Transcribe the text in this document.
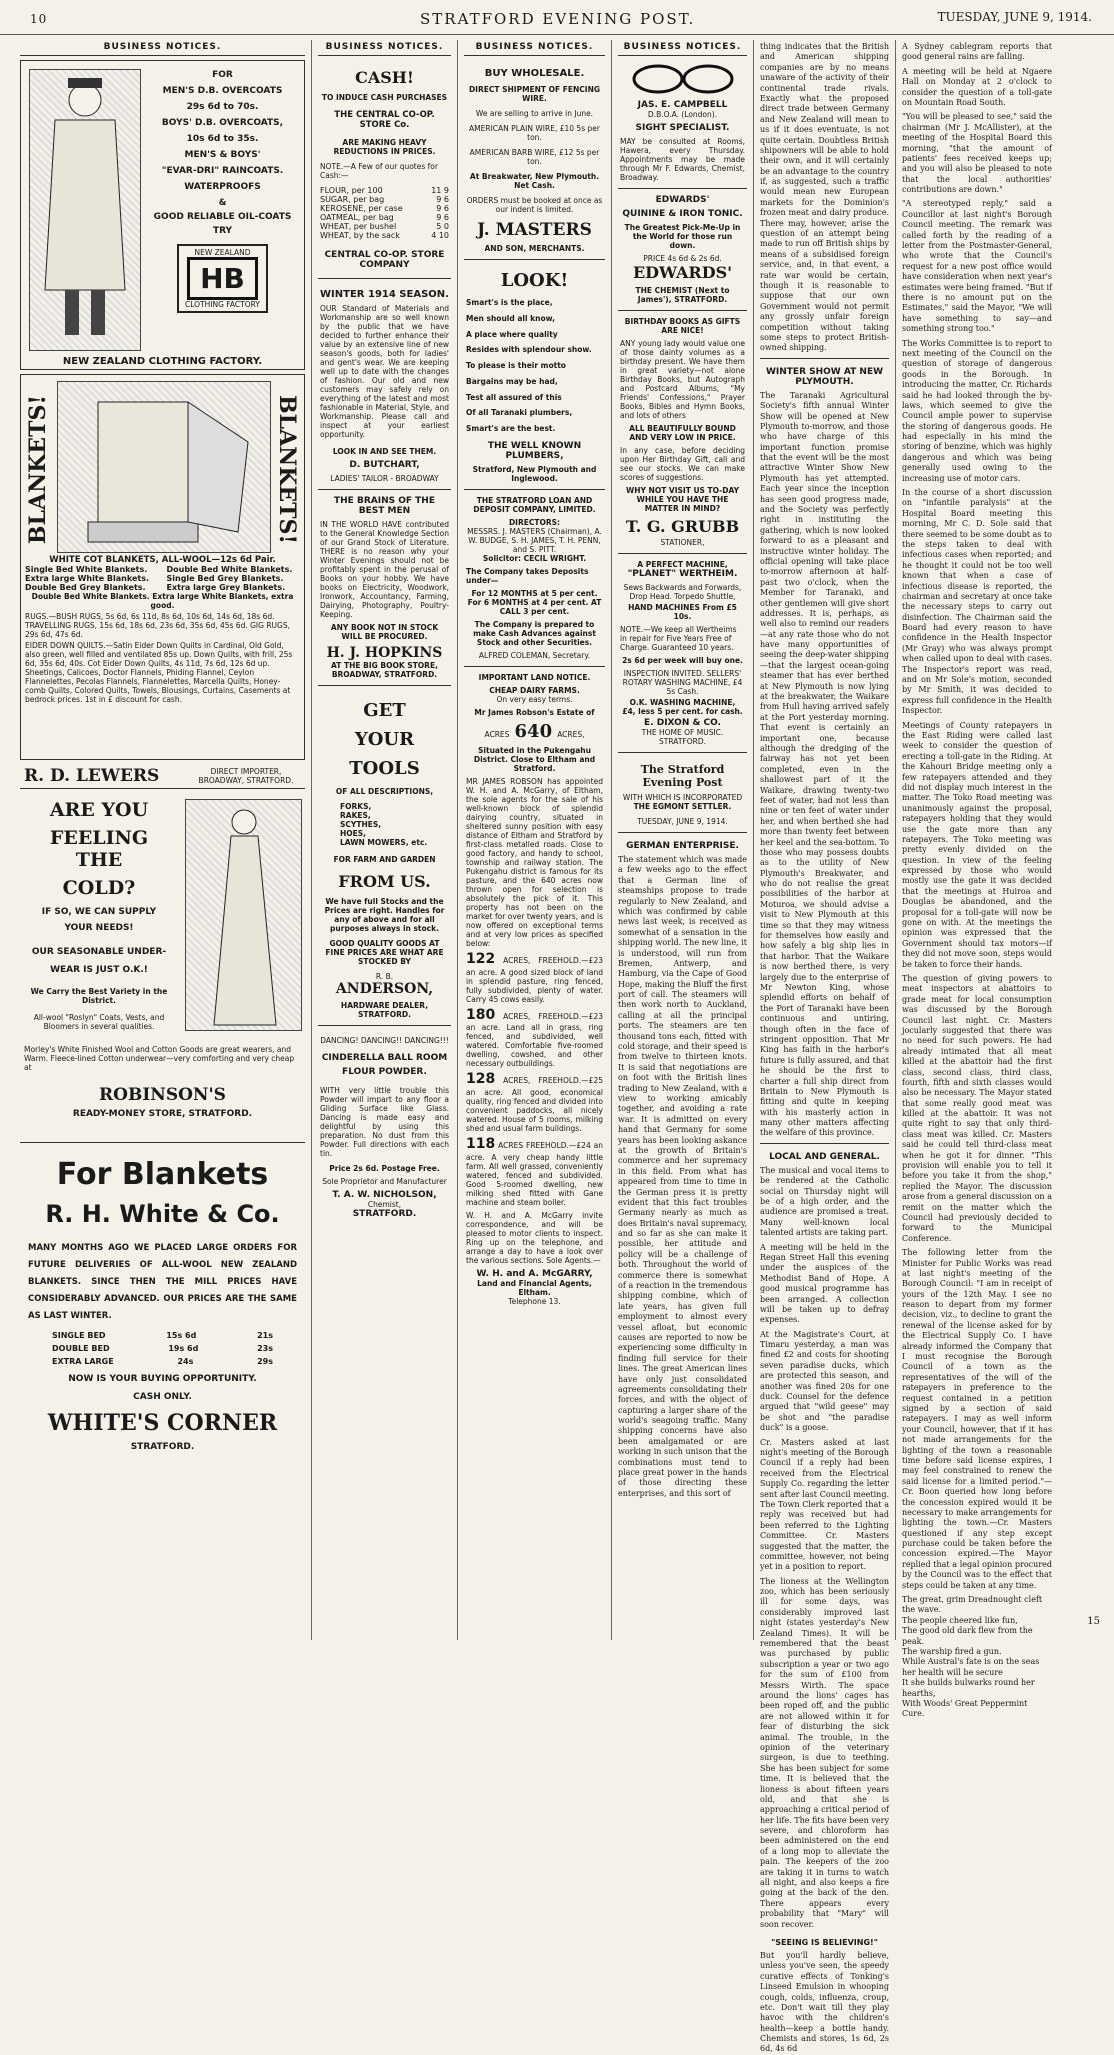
10	STRATFORD EVENING POST.	TUESDAY, JUNE 9, 1914.
BUSINESS NOTICES.
FOR
MEN'S D.B. OVERCOATS
29s 6d to 70s.
BOYS' D.B. OVERCOATS,
10s 6d to 35s.
MEN'S & BOYS'
"EVAR-DRI" RAINCOATS.
WATERPROOFS
&
GOOD RELIABLE OIL-COATS
TRY
NEW ZEALAND
HB
CLOTHING FACTORY
NEW ZEALAND CLOTHING FACTORY.
BLANKETS!	BLANKETS!
WHITE COT BLANKETS, ALL-WOOL—12s 6d Pair.
Single Bed White Blankets.	Double Bed White Blankets.
Extra large White Blankets.	Single Bed Grey Blankets.
Double Bed Grey Blankets.	Extra large Grey Blankets.
Double Bed White Blankets. Extra large White Blankets, extra good.
RUGS.—BUSH RUGS, 5s 6d, 6s 11d, 8s 6d, 10s 6d, 14s 6d, 18s 6d. TRAVELLING RUGS, 15s 6d, 18s 6d, 23s 6d, 35s 6d, 45s 6d. GIG RUGS, 29s 6d, 47s 6d.
EIDER DOWN QUILTS.—Satin Eider Down Quilts in Cardinal, Old Gold, also green, well filled and ventilated 85s up. Down Quilts, with frill, 25s 6d, 35s 6d, 40s. Cot Eider Down Quilts, 4s 11d, 7s 6d, 12s 6d up. Sheetings, Calicoes, Doctor Flannels, Phiding Flannel, Ceylon Flannelettes, Pecolas Flannels, Flannelettes, Marcella Quilts, Honey-comb Quilts, Colored Quilts, Towels, Blousings, Curtains, Casements at bedrock prices. 1st in £ discount for cash.
R. D. LEWERS	DIRECT IMPORTER, BROADWAY, STRATFORD.
ARE YOU
FEELING THE
COLD?
IF SO, WE CAN SUPPLY
YOUR NEEDS!
OUR SEASONABLE UNDER-
WEAR IS JUST O.K.!
We Carry the Best Variety in the District.
All-wool "Roslyn" Coats, Vests, and Bloomers in several qualities.
Morley's White Finished Wool and Cotton Goods are great wearers, and Warm. Fleece-lined Cotton underwear—very comforting and very cheap at
ROBINSON'S
READY-MONEY STORE, STRATFORD.
For Blankets
R. H. White & Co.
MANY MONTHS AGO WE PLACED LARGE ORDERS FOR FUTURE DELIVERIES OF ALL-WOOL NEW ZEALAND BLANKETS. SINCE THEN THE MILL PRICES HAVE CONSIDERABLY ADVANCED. OUR PRICES ARE THE SAME AS LAST WINTER.
SINGLE BED	15s 6d	21s
DOUBLE BED	19s 6d	23s
EXTRA LARGE	24s	29s
NOW IS YOUR BUYING OPPORTUNITY.
CASH ONLY.
WHITE'S CORNER
STRATFORD.
BUSINESS NOTICES.
CASH!
TO INDUCE CASH PURCHASES
THE CENTRAL CO-OP. STORE Co.
ARE MAKING HEAVY REDUCTIONS IN PRICES.
NOTE.—A Few of our quotes for Cash:—
FLOUR, per 100	11 9
SUGAR, per bag	9 6
KEROSENE, per case	9 6
OATMEAL, per bag	9 6
WHEAT, per bushel	5 0
WHEAT, by the sack	4 10
CENTRAL CO-OP. STORE COMPANY
WINTER 1914 SEASON.
OUR Standard of Materials and Workmanship are so well known by the public that we have decided to further enhance their value by an extensive line of new season's goods, both for ladies' and gent's wear. We are keeping well up to date with the changes of fashion. Our old and new customers may safely rely on everything of the latest and most fashionable in Material, Style, and Workmanship. Please call and inspect at your earliest opportunity.
LOOK IN AND SEE THEM.
D. BUTCHART,
LADIES' TAILOR - BROADWAY
THE BRAINS OF THE BEST MEN
IN THE WORLD HAVE contributed to the General Knowledge Section of our Grand Stock of Literature. THERE is no reason why your Winter Evenings should not be profitably spent in the perusal of Books on your hobby. We have books on Electricity, Woodwork, Ironwork, Accountancy, Farming, Dairying, Photography, Poultry-Keeping.
ANY BOOK NOT IN STOCK WILL BE PROCURED.
H. J. HOPKINS
AT THE BIG BOOK STORE, BROADWAY, STRATFORD.
GET
YOUR
TOOLS
OF ALL DESCRIPTIONS,
FORKS,
RAKES,
SCYTHES,
HOES,
LAWN MOWERS, etc.
FOR FARM AND GARDEN
FROM US.
We have full Stocks and the Prices are right. Handles for any of above and for all purposes always in stock.
GOOD QUALITY GOODS AT FINE PRICES ARE WHAT ARE STOCKED BY
R. B.
ANDERSON,
HARDWARE DEALER, STRATFORD.
DANCING! DANCING!! DANCING!!!
CINDERELLA BALL ROOM FLOUR POWDER.
WITH very little trouble this Powder will impart to any floor a Gliding Surface like Glass. Dancing is made easy and delightful by using this preparation. No dust from this Powder. Full directions with each tin.
Price 2s 6d. Postage Free.
Sole Proprietor and Manufacturer
T. A. W. NICHOLSON,
Chemist,
STRATFORD.
BUSINESS NOTICES.
BUY WHOLESALE.
DIRECT SHIPMENT OF FENCING WIRE.
We are selling to arrive in June.
AMERICAN PLAIN WIRE, £10 5s per ton.
AMERICAN BARB WIRE, £12 5s per ton.
At Breakwater, New Plymouth. Net Cash.
ORDERS must be booked at once as our indent is limited.
J. MASTERS
AND SON, MERCHANTS.
LOOK!
Smart's is the place,
Men should all know,
A place where quality
Resides with splendour show.
To please is their motto
Bargains may be had,
Test all assured of this
Of all Taranaki plumbers,
Smart's are the best.
THE WELL KNOWN PLUMBERS,
Stratford, New Plymouth and Inglewood.
THE STRATFORD LOAN AND DEPOSIT COMPANY, LIMITED.
DIRECTORS:
MESSRS. J. MASTERS (Chairman), A. W. BUDGE, S. H. JAMES, T. H. PENN, and S. PITT.
Solicitor: CECIL WRIGHT.
The Company takes Deposits under—
For 12 MONTHS at 5 per cent. For 6 MONTHS at 4 per cent. AT CALL 3 per cent.
The Company is prepared to make Cash Advances against Stock and other Securities.
ALFRED COLEMAN, Secretary.
IMPORTANT LAND NOTICE.
CHEAP DAIRY FARMS.
On very easy terms.
Mr James Robson's Estate of
ACRES 640 ACRES,
Situated in the Pukengahu District. Close to Eltham and Stratford.
MR JAMES ROBSON has appointed W. H. and A. McGarry, of Eltham, the sole agents for the sale of his well-known block of splendid dairying country, situated in sheltered sunny position with easy distance of Eltham and Stratford by first-class metalled roads. Close to good factory, and handy to school, township and railway station. The Pukengahu district is famous for its pasture, and the 640 acres now thrown open for selection is absolutely the pick of it. This property has not been on the market for over twenty years, and is now offered on exceptional terms and at very low prices as specified below:
122 ACRES, FREEHOLD.—£23 an acre. A good sized block of land in splendid pasture, ring fenced, fully subdivided, plenty of water. Carry 45 cows easily.
180 ACRES, FREEHOLD.—£23 an acre. Land all in grass, ring fenced, and subdivided, well watered. Comfortable five-roomed dwelling, cowshed, and other necessary outbuildings.
128 ACRES, FREEHOLD.—£25 an acre. All good, economical quality, ring fenced and divided into convenient paddocks, all nicely watered. House of 5 rooms, milking shed and usual farm buildings.
118 ACRES FREEHOLD.—£24 an acre. A very cheap handy little farm. All well grassed, conveniently watered, fenced and subdivided. Good 5-roomed dwelling, new milking shed fitted with Gane machine and steam boiler.
W. H. and A. McGarry invite correspondence, and will be pleased to motor clients to inspect. Ring up on the telephone, and arrange a day to have a look over the various sections. Sole Agents.—
W. H. and A. McGARRY,
Land and Financial Agents, Eltham.
Telephone 13.
BUSINESS NOTICES.
JAS. E. CAMPBELL
D.B.O.A. (London).
SIGHT SPECIALIST.
MAY be consulted at Rooms, Hawera, every Thursday. Appointments may be made through Mr F. Edwards, Chemist, Broadway.
EDWARDS'
QUININE & IRON TONIC.
The Greatest Pick-Me-Up in the World for those run down.
PRICE 4s 6d & 2s 6d.
EDWARDS'
THE CHEMIST (Next to James'), STRATFORD.
BIRTHDAY BOOKS AS GIFTS ARE NICE!
ANY young lady would value one of those dainty volumes as a birthday present. We have them in great variety—not alone Birthday Books, but Autograph and Postcard Albums, "My Friends' Confessions," Prayer Books, Bibles and Hymn Books, and lots of others
ALL BEAUTIFULLY BOUND AND VERY LOW IN PRICE.
In any case, before deciding upon Her Birthday Gift, call and see our stocks. We can make scores of suggestions.
WHY NOT VISIT US TO-DAY WHILE YOU HAVE THE MATTER IN MIND?
T. G. GRUBB
STATIONER,
A PERFECT MACHINE,
"PLANET" WERTHEIM.
Sews Backwards and Forwards, Drop Head. Torpedo Shuttle,
HAND MACHINES From £5 10s.
NOTE.—We keep all Wertheims in repair for Five Years Free of Charge. Guaranteed 10 years.
2s 6d per week will buy one.
INSPECTION INVITED. SELLERS' ROTARY WASHING MACHINE, £4 5s Cash.
O.K. WASHING MACHINE,
£4, less 5 per cent. for cash.
E. DIXON & CO.
THE HOME OF MUSIC. STRATFORD.
The Stratford Evening Post
WITH WHICH IS INCORPORATED
THE EGMONT SETTLER.
TUESDAY, JUNE 9, 1914.
GERMAN ENTERPRISE.
The statement which was made a few weeks ago to the effect that a German line of steamships propose to trade regularly to New Zealand, and which was confirmed by cable news last week, is received as somewhat of a sensation in the shipping world. The new line, it is understood, will run from Bremen, Antwerp, and Hamburg, via the Cape of Good Hope, making the Bluff the first port of call. The steamers will then work north to Auckland, calling at all the principal ports. The steamers are ten thousand tons each, fitted with cold storage, and their speed is from twelve to thirteen knots. It is said that negotiations are on foot with the British lines trading to New Zealand, with a view to working amicably together, and avoiding a rate war. It is admitted on every hand that Germany for some years has been looking askance at the growth of Britain's commerce and her supremacy in this field. From what has appeared from time to time in the German press it is pretty evident that this fact troubles Germany nearly as much as does Britain's naval supremacy, and so far as she can make it possible, her attitude and policy will be a challenge of both. Throughout the world of commerce there is somewhat of a reaction in the tremendous shipping combine, which of late years, has given full employment to almost every vessel afloat, but economic causes are reported to now be experiencing some difficulty in finding full service for their lines. The great American lines have only just consolidated agreements consolidating their forces, and with the object of capturing a larger share of the world's seagoing traffic. Many shipping concerns have also been amalgamated or are working in such unison that the combinations must tend to place great power in the hands of those directing these enterprises, and this sort of
thing indicates that the British and American shipping companies are by no means unaware of the activity of their continental trade rivals. Exactly what the proposed direct trade between Germany and New Zealand will mean to us if it does eventuate, is not quite certain. Doubtless British shipowners will be able to hold their own, and it will certainly be an advantage to the country if, as suggested, such a traffic would mean new European markets for the Dominion's frozen meat and dairy produce. There may, however, arise the question of an attempt being made to run off British ships by means of a subsidised foreign service, and, in that event, a rate war would be certain, though it is reasonable to suppose that our own Government would not permit any grossly unfair foreign competition without taking some steps to protect British-owned shipping.
WINTER SHOW AT NEW PLYMOUTH.
The Taranaki Agricultural Society's fifth annual Winter Show will be opened at New Plymouth to-morrow, and those who have charge of this important function promise that the event will be the most attractive Winter Show New Plymouth has yet attempted. Each year since the inception has seen good progress made, and the Society was perfectly right in instituting the gathering, which is now looked forward to as a pleasant and instructive winter holiday. The official opening will take place to-morrow afternoon at half-past two o'clock, when the Member for Taranaki, and other gentlemen will give short addresses. It is, perhaps, as well also to remind our readers—at any rate those who do not have many opportunities of seeing the deep-water shipping—that the largest ocean-going steamer that has ever berthed at New Plymouth is now lying at the breakwater, the Waikare from Hull having arrived safely at the Port yesterday morning. That event is certainly an important one, because although the dredging of the fairway has not yet been completed, even in the shallowest part of it the Waikare, drawing twenty-two feet of water, had not less than nine or ten feet of water under her, and when berthed she had more than twenty feet between her keel and the sea-bottom. To those who may possess doubts as to the utility of New Plymouth's Breakwater, and who do not realise the great possibilities of the harbor at Moturoa, we should advise a visit to New Plymouth at this time so that they may witness for themselves how easily and how safely a big ship lies in that harbor. That the Waikare is now berthed there, is very largely due to the enterprise of Mr Newton King, whose splendid efforts on behalf of the Port of Taranaki have been continuous and untiring, though often in the face of stringent opposition. That Mr King has faith in the harbor's future is fully assured, and that he should be the first to charter a full ship direct from Britain to New Plymouth is fitting and quite in keeping with his masterly action in many other matters affecting the welfare of this province.
LOCAL AND GENERAL.
The musical and vocal items to be rendered at the Catholic social on Thursday night will be of a high order, and the audience are promised a treat. Many well-known local talented artists are taking part.
A meeting will be held in the Regan Street Hall this evening under the auspices of the Methodist Band of Hope. A good musical programme has been arranged. A collection will be taken up to defray expenses.
At the Magistrate's Court, at Timaru yesterday, a man was fined £2 and costs for shooting seven paradise ducks, which are protected this season, and another was fined 20s for one duck. Counsel for the defence argued that "wild geese" may be shot and "the paradise duck" is a goose.
Cr. Masters asked at last night's meeting of the Borough Council if a reply had been received from the Electrical Supply Co. regarding the letter sent after last Council meeting. The Town Clerk reported that a reply was received but had been referred to the Lighting Committee. Cr. Masters suggested that the matter, the committee, however, not being yet in a position to report.
The lioness at the Wellington zoo, which has been seriously ill for some days, was considerably improved last night (states yesterday's New Zealand Times). It will be remembered that the beast was purchased by public subscription a year or two ago for the sum of £100 from Messrs Wirth. The space around the lions' cages has been roped off, and the public are not allowed within it for fear of disturbing the sick animal. The trouble, in the opinion of the veterinary surgeon, is due to teething. She has been subject for some time. It is believed that the lioness is about fifteen years old, and that she is approaching a critical period of her life. The fits have been very severe, and chloroform has been administered on the end of a long mop to alleviate the pain. The keepers of the zoo are taking it in turns to watch all night, and also keeps a fire going at the back of the den. There appears every probability that "Mary" will soon recover.
"SEEING IS BELIEVING!"
But you'll hardly believe, unless you've seen, the speedy curative effects of Tonking's Linseed Emulsion in whooping cough, colds, influenza, croup, etc. Don't wait till they play havoc with the children's health—keep a bottle handy. Chemists and stores, 1s 6d, 2s 6d, 4s 6d
A Sydney cablegram reports that good general rains are falling.
A meeting will be held at Ngaere Hall on Monday at 2 o'clock to consider the question of a toll-gate on Mountain Road South.
"You will be pleased to see," said the chairman (Mr J. McAllister), at the meeting of the Hospital Board this morning, "that the amount of patients' fees received keeps up; and you will also be pleased to note that the local authorities' contributions are down."
"A stereotyped reply," said a Councillor at last night's Borough Council meeting. The remark was called forth by the reading of a letter from the Postmaster-General, who wrote that the Council's request for a new post office would have consideration when next year's estimates were being framed. "But if there is no amount put on the Estimates," said the Mayor, "We will have something to say—and something strong too."
The Works Committee is to report to next meeting of the Council on the question of storage of dangerous goods in the Borough. In introducing the matter, Cr. Richards said he had looked through the by-laws, which seemed to give the Council ample power to supervise the storing of dangerous goods. He had especially in his mind the storing of benzine, which was highly dangerous and which was being generally used owing to the increasing use of motor cars.
In the course of a short discussion on "infantile paralysis" at the Hospital Board meeting this morning, Mr C. D. Sole said that there seemed to be some doubt as to the steps taken to deal with infectious cases when reported; and he thought it could not be too well known that when a case of infectious disease is reported, the chairman and secretary at once take the necessary steps to carry out disinfection. The Chairman said the Board had every reason to have confidence in the Health Inspector (Mr Gray) who was always prompt when called upon to deal with cases. The Inspector's report was read, and on Mr Sole's motion, seconded by Mr Smith, it was decided to express full confidence in the Health Inspector.
Meetings of County ratepayers in the East Riding were called last week to consider the question of erecting a toll-gate in the Riding. At the Kahouri Bridge meeting only a few ratepayers attended and they did not display much interest in the matter. The Toko Road meeting was unanimously against the proposal, ratepayers holding that they would use the gate more than any ratepayers. The Toko meeting was pretty evenly divided on the question. In view of the feeling expressed by those who would mostly use the gate it was decided that the meetings at Huiroa and Douglas be abandoned, and the proposal for a toll-gate will now be gone on with. At the meetings the opinion was expressed that the Government should tax motors—if they did not move soon, steps would be taken to force their hands.
The question of giving powers to meat inspectors at abattoirs to grade meat for local consumption was discussed by the Borough Council last night. Cr. Masters jocularly suggested that there was no need for such powers. He had already intimated that all meat killed at the abattoir had the first class, second class, third class, fourth, fifth and sixth classes would also be necessary. The Mayor stated that some really good meat was killed at the abattoir. It was not quite right to say that only third-class meat was killed. Cr. Masters said he could tell third-class meat when he got it for dinner. "This provision will enable you to tell it before you take it from the shop," replied the Mayor. The discussion arose from a general discussion on a remit on the matter which the Council had previously decided to forward to the Municipal Conference.
The following letter from the Minister for Public Works was read at last night's meeting of the Borough Council: "I am in receipt of yours of the 12th May. I see no reason to depart from my former decision, viz., to decline to grant the renewal of the license asked for by the Electrical Supply Co. I have already informed the Company that I must recognise the Borough Council of a town as the representatives of the will of the ratepayers in preference to the request contained in a petition signed by a section of said ratepayers. I may as well inform your Council, however, that if it has not made arrangements for the lighting of the town a reasonable time before said license expires, I may feel constrained to renew the said license for a limited period."—Cr. Boon queried how long before the concession expired would it be necessary to make arrangements for lighting the town.—Cr. Masters questioned if any step except purchase could be taken before the concession expired.—The Mayor replied that a legal opinion procured by the Council was to the effect that steps could be taken at any time.
The great, grim Dreadnought cleft the wave.
The people cheered like fun,
The good old dark flew from the peak.
The warship fired a gun.
While Austral's fate is on the seas her health will be secure
It she builds bulwarks round her hearths,
With Woods' Great Peppermint Cure.
15
